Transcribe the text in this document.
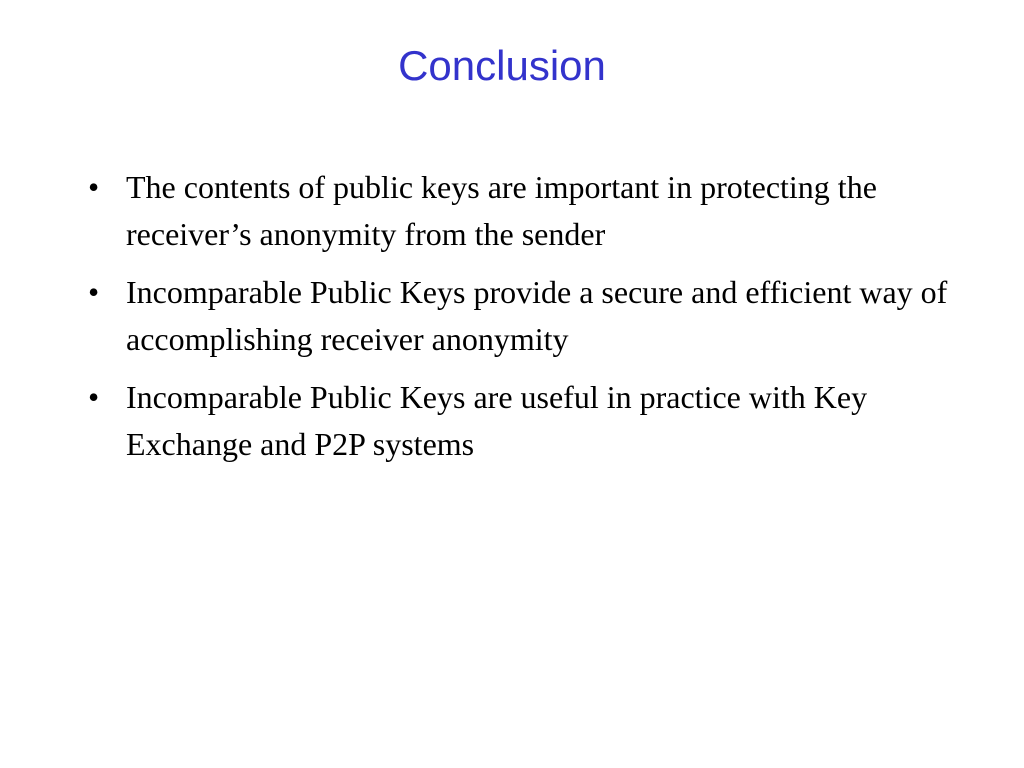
Conclusion
• The contents of public keys are important in protecting the receiver’s anonymity from the sender
• Incomparable Public Keys provide a secure and efficient way of accomplishing receiver anonymity
• Incomparable Public Keys are useful in practice with Key Exchange and P2P systems
